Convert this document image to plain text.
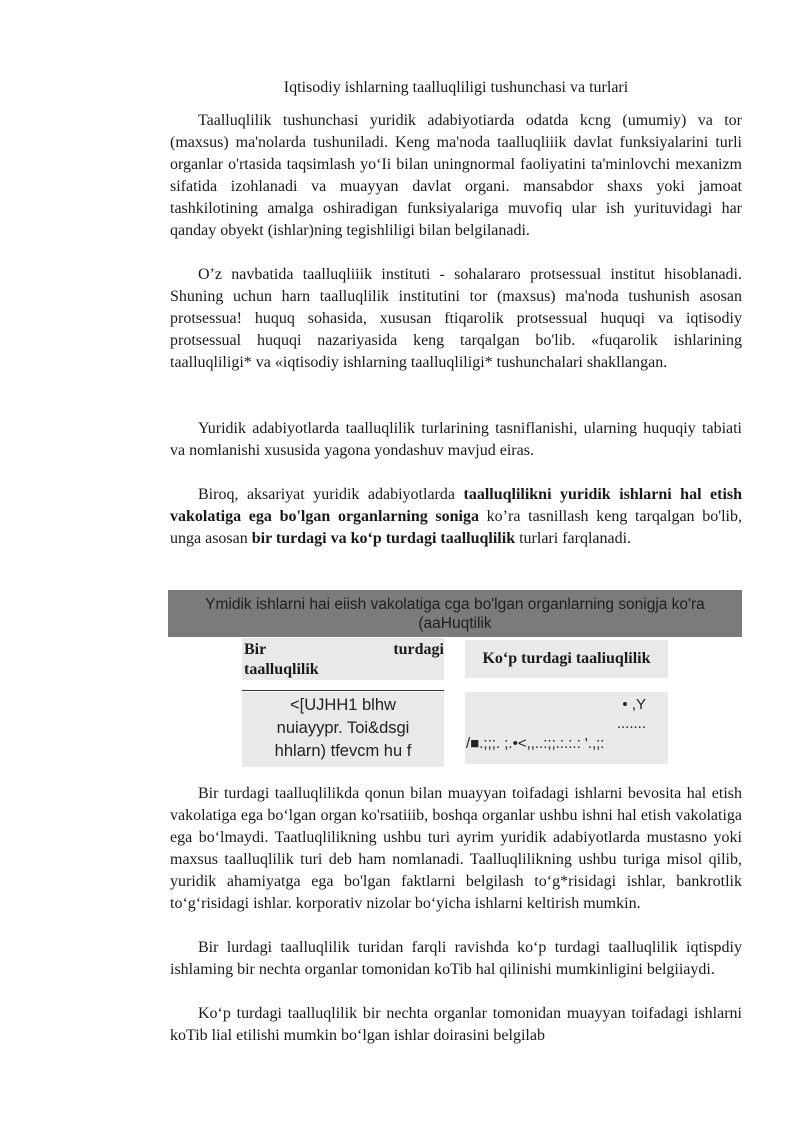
Iqtisodiy ishlarning taalluqliligi tushunchasi va turlari

Taalluqlilik tushunchasi yuridik adabiyotiarda odatda kcng (umumiy) va tor (maxsus) ma'nolarda tushuniladi. Keng ma'noda taalluqliiik davlat funksiyalarini turli organlar o'rtasida taqsimlash yo‘Ii bilan uningnormal faoliyatini ta'minlovchi mexanizm sifatida izohlanadi va muayyan davlat organi. mansabdor shaxs yoki jamoat tashkilotining amalga oshiradigan funksiyalariga muvofiq ular ish yurituvidagi har qanday obyekt (ishlar)ning tegishliligi bilan belgilanadi.

O’z navbatida taalluqliiik instituti - sohalararo protsessual institut hisoblanadi. Shuning uchun harn taalluqlilik institutini tor (maxsus) ma'noda tushunish asosan protsessua! huquq sohasida, xususan ftiqarolik protsessual huquqi va iqtisodiy protsessual huquqi nazariyasida keng tarqalgan bo'lib. «fuqarolik ishlarining taalluqliligi* va «iqtisodiy ishlarning taalluqliligi* tushunchalari shakllangan.

Yuridik adabiyotlarda taalluqlilik turlarining tasniflanishi, ularning huquqiy tabiati va nomlanishi xususida yagona yondashuv mavjud eiras.

Biroq, aksariyat yuridik adabiyotlarda taalluqlilikni yuridik ishlarni hal etish vakolatiga ega bo'lgan organlarning soniga ko’ra tasnillash keng tarqalgan bo'lib, unga asosan bir turdagi va ko‘p turdagi taalluqlilik turlari farqlanadi.

Ymidik ishlarni hai eiish vakolatiga cga bo'lgan organlarning sonigja ko'ra (aaHuqtilik
Bir turdagi
taalluqlilik
Ko‘p turdagi taaliuqlilik
<[UJHH1 blhw
nuiayypr. Toi&dsgi
hhlarn) tfevcm hu f
• ,Y
.......
/■.;;;. ;.•<,,..:;;.:.:.: '.,;:

Bir turdagi taalluqlilikda qonun bilan muayyan toifadagi ishlarni bevosita hal etish vakolatiga ega bo‘lgan organ ko'rsatiiib, boshqa organlar ushbu ishni hal etish vakolatiga ega bo‘lmaydi. Taatluqlilikning ushbu turi ayrim yuridik adabiyotlarda mustasno yoki maxsus taalluqlilik turi deb ham nomlanadi. Taalluqlilikning ushbu turiga misol qilib, yuridik ahamiyatga ega bo'lgan faktlarni belgilash to‘g*risidagi ishlar, bankrotlik to‘g‘risidagi ishlar. korporativ nizolar bo‘yicha ishlarni keltirish mumkin.

Bir lurdagi taalluqlilik turidan farqli ravishda ko‘p turdagi taalluqlilik iqtispdiy ishlaming bir nechta organlar tomonidan koTib hal qilinishi mumkinligini belgiiaydi.

Ko‘p turdagi taalluqlilik bir nechta organlar tomonidan muayyan toifadagi ishlarni koTib lial etilishi mumkin bo‘lgan ishlar doirasini belgilab
